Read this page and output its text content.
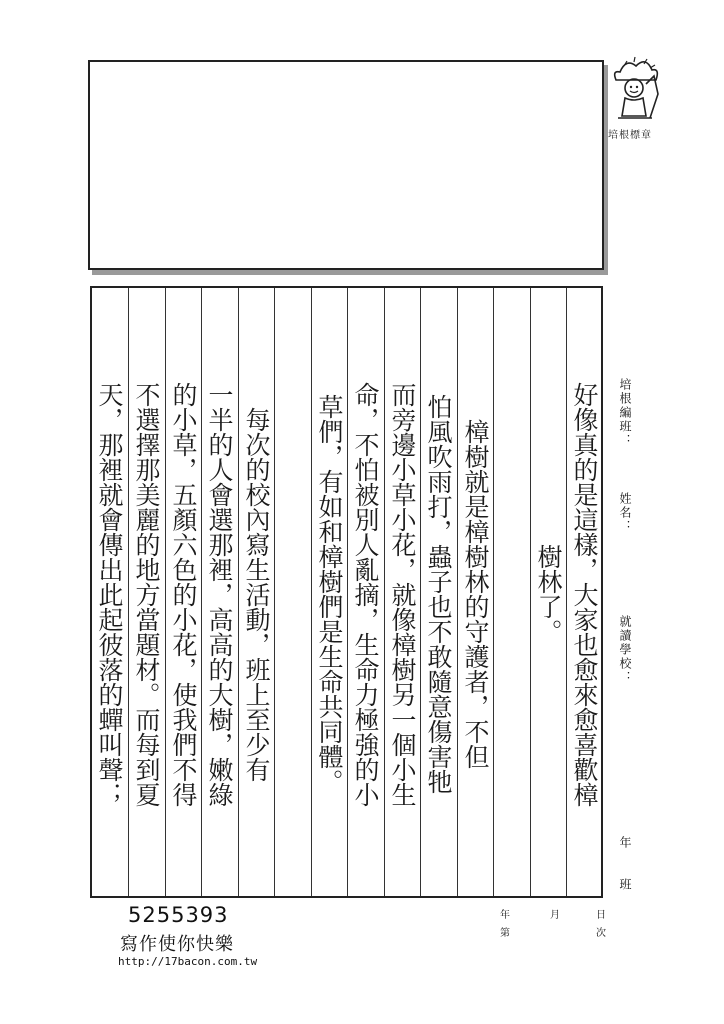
培根標章
培根編班：
姓名：
就讀學校：
年
班
好像真的是這樣，大家也愈來愈喜歡樟
樹林了。
樟樹就是樟樹林的守護者，不但
怕風吹雨打，蟲子也不敢隨意傷害牠
而旁邊小草小花，就像樟樹另一個小生
命，不怕被別人亂摘，生命力極強的小
草們，有如和樟樹們是生命共同體。
每次的校內寫生活動，班上至少有
一半的人會選那裡，高高的大樹，嫩綠
的小草，五顏六色的小花，使我們不得
不選擇那美麗的地方當題材。而每到夏
天，那裡就會傳出此起彼落的蟬叫聲；
年	月	日
第	次
5255393
寫作使你快樂
http://17bacon.com.tw
